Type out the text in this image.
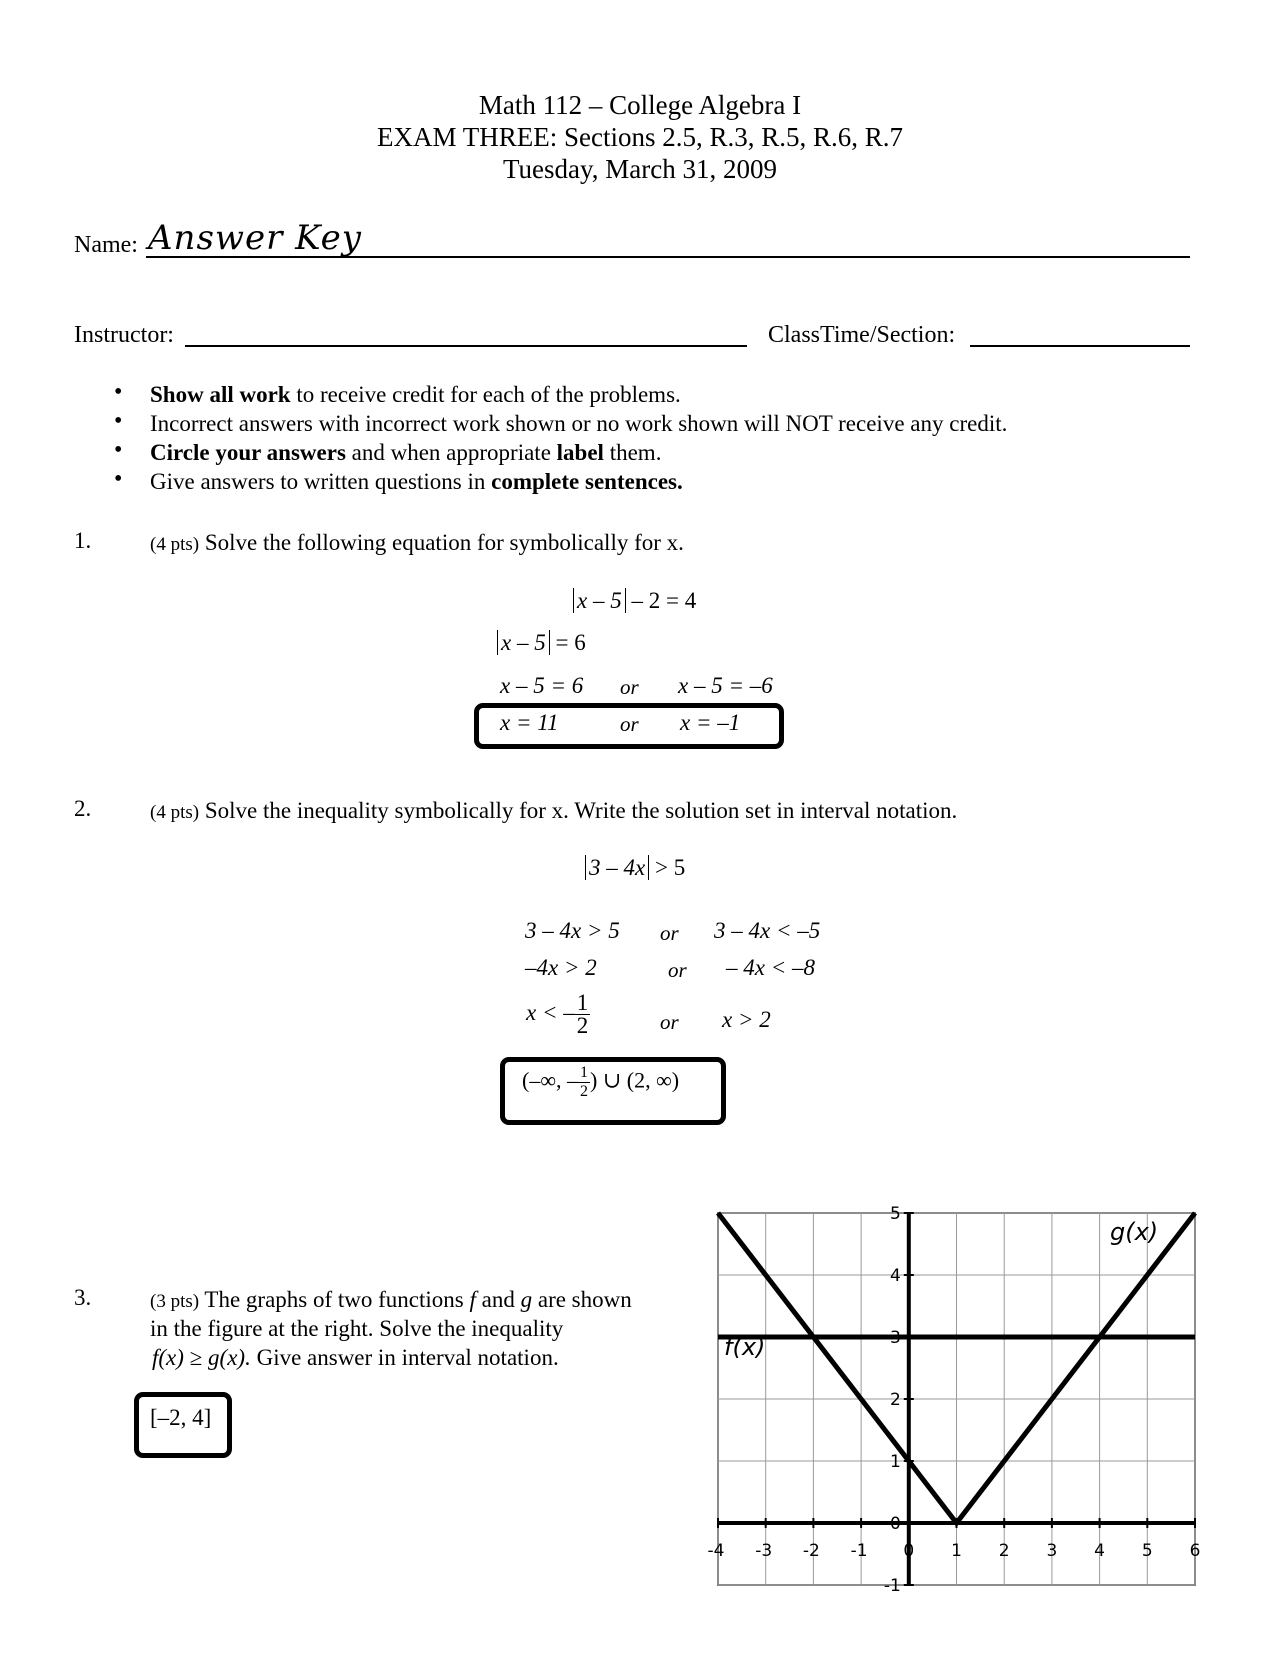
Math 112 – College Algebra I
EXAM THREE: Sections 2.5, R.3, R.5, R.6, R.7
Tuesday, March 31, 2009
Name: Answer Key
Instructor:	ClassTime/Section:
• Show all work to receive credit for each of the problems.
• Incorrect answers with incorrect work shown or no work shown will NOT receive any credit.
• Circle your answers and when appropriate label them.
• Give answers to written questions in complete sentences.
1.	(4 pts) Solve the following equation for symbolically for x.
x – 5 – 2 = 4
x – 5 = 6
x – 5 = 6 or x – 5 = –6
x = 11	or x = –1
2.	(4 pts) Solve the inequality symbolically for x. Write the solution set in interval notation.
3 – 4x > 5
3 – 4x > 5 or 3 – 4x < –5
–4x > 2	or – 4x < –8
x < – $\frac{1}{2}$	or x > 2
(–∞, – $\frac{1}{2}$ ) ∪ (2, ∞)
3.	(3 pts) The graphs of two functions f and g are shown
in the figure at the right. Solve the inequality
f(x) ≥ g(x). Give answer in interval notation.
[–2, 4]
-4 -3 -2 -1 0 1 2 3 4 5 6
-1
0
1
2
3
4
5
g(x)
f(x)
